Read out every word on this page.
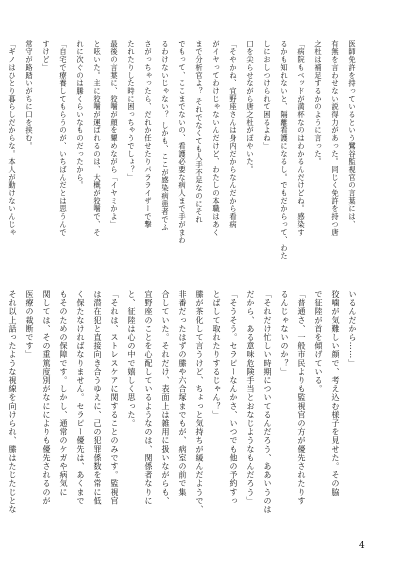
医師免許を持っているという鷺谷監視官の言葉には、
有無を言わせない説得力があった。同じく免許を持つ唐
之杜は補足するかのように言った。
「病院もベッドが満杯なのはわかるんだけどね。感染す
るかも知れないと、隔離看護になるし。でもだからって、わた
しにおしつけられて困るよね」
口を尖らせながら唐之杜がぼやいた。
「そやかね、宜野座さんは身内だからなんだから看病
がイヤってわけじゃないんだけど、わたしの本職はあく
まで分析官よ？ それでなくても人手不足なのにそれ
でもって、ここまでないの、看護必要な病人まで手がまわ
るわけないじゃない？ しかも、ここが感染病患者でふ
さがっちゃったら、だれか任せたりパラライザーで撃
たれたりした時に困っちゃうでしょ？」
最後の言葉に、狡噛が顔を顰めながら「イヤミかよ」
と呟いた。主に狡噛が運ばれるのは、大概が狡噛で、そ
れに次ぐのは縢くらいなものだったから。
「自宅で療養してもらうのが、いちばんだとは思うんで
すけど」
常守が路踏いがちに口を挟む。
「ギノはひとり暮らしだからな。本人が動けないんじゃ
いるんだから……」
狡噛が気難しい顔で、考え込む様子を見せた。その脇
で征陸が首を傾げている。
「普通さ、一般市民よりも監視官の方が優先されたりす
るんじゃないのか？」
「それだけ忙しい時期についてるんだろう、ああいうのは
だから、ある意味危険手当とおなじようなもんだろう」
「そうそう。セラピーなんかさ、いつでも他の予約すっ
とばして取れたりするじゃん？」
縢が茶化して言うけど、ちょっと気持ちが緩んだようで、
非番だったはずの縢や六合塚までもが、病室の前で集
合していた。それだけ、表面上は雑用に扱いながらも、
宜野座のことを心配しているようなのは、関係者なりに
と、征陸は心の中で嬉しく思った。
「それは、ストレスケアに関することのみです。監視官
は潜在犯と直接向き合うゆえに、己の犯罪係数を常に低
く保たなければなりません。セラピー優先は、あくまで
もそのための保障です。しかし、通常のケガや病気に
関しては、その重篤度別がなにによりも優先されるのが
医療の裁断です」
それ以上話ったような視線を向けられ、縢はたじたじとな
4
